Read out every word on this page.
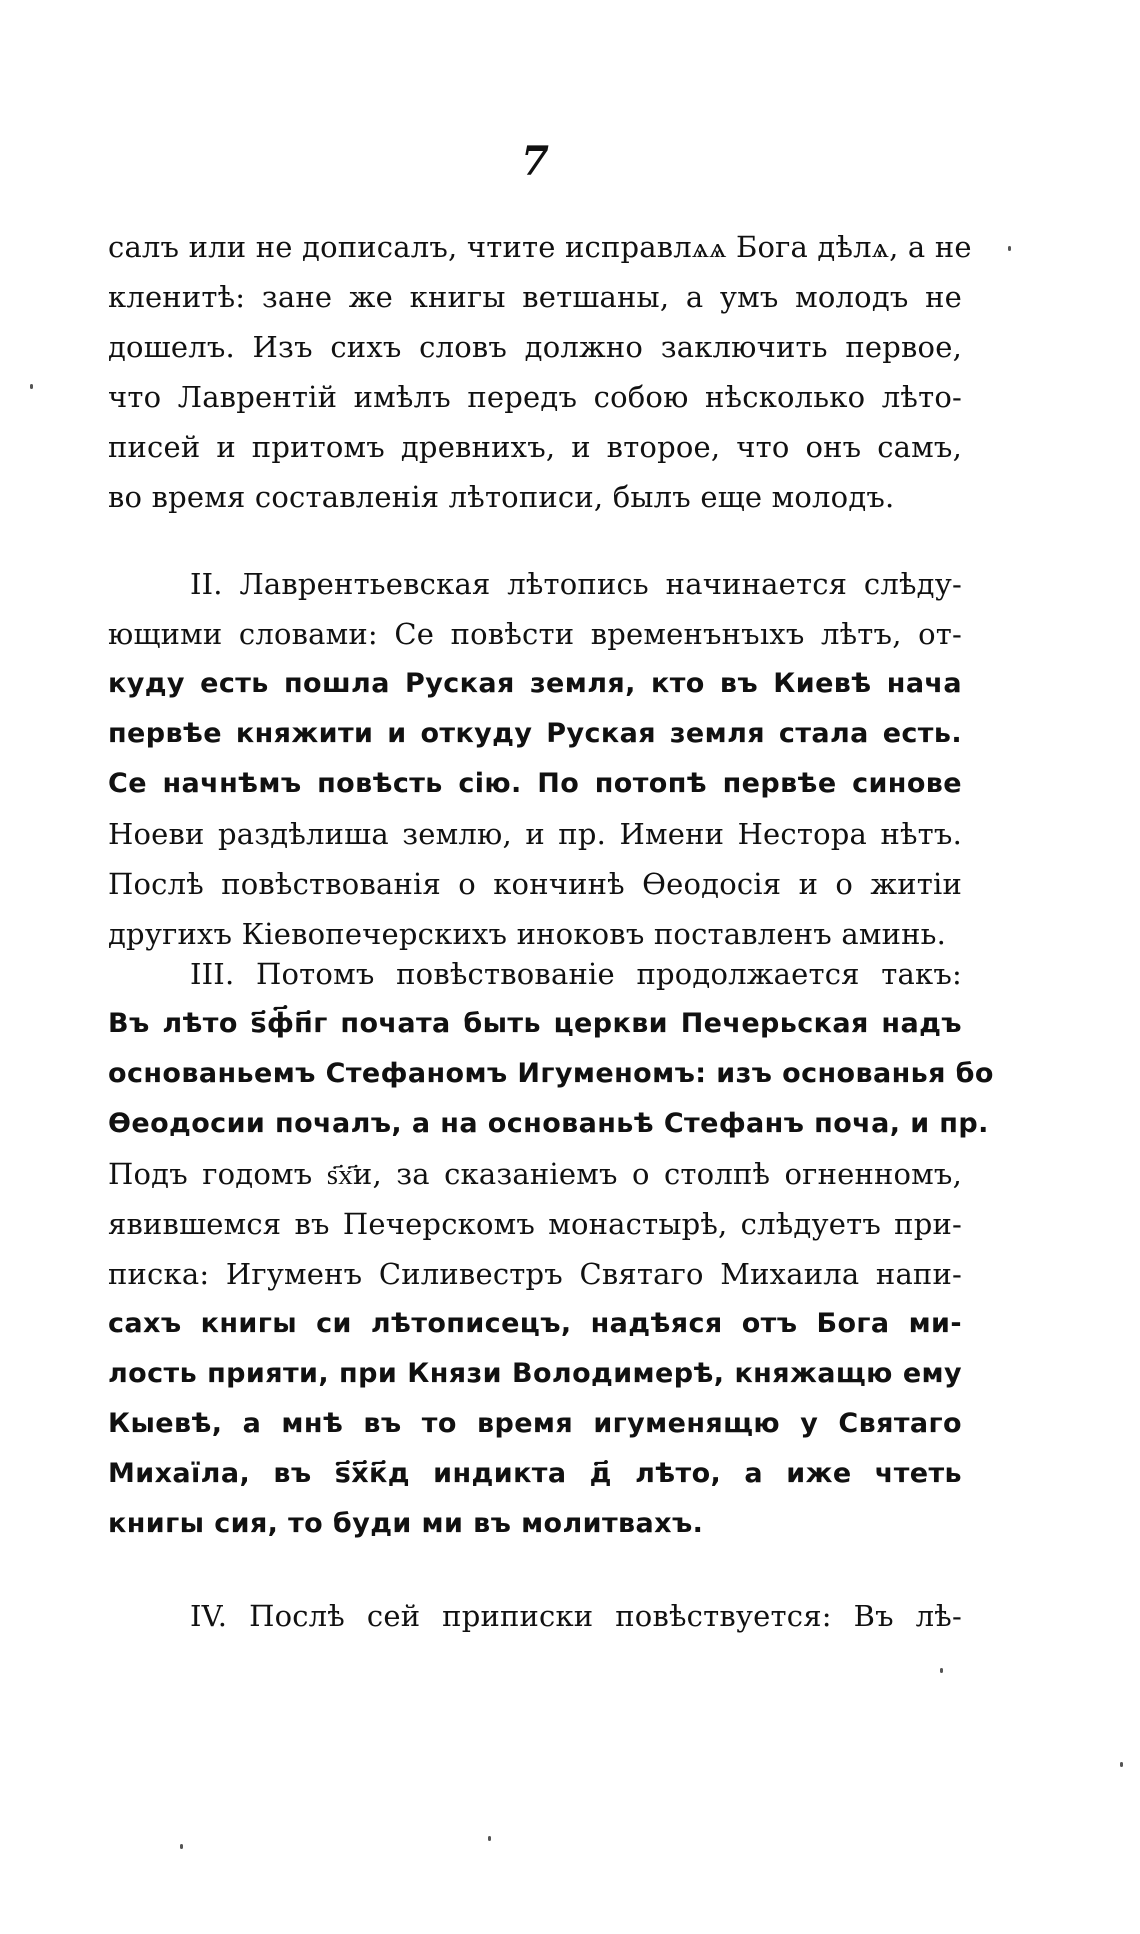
7
салъ или не дописалъ, чтите исправлѧѧ Бога дѣлѧ, а не
кленитѣ: зане же книгы ветшаны, а умъ молодъ не
дошелъ. Изъ сихъ словъ должно заключить первое,
что Лаврентій имѣлъ передъ собою нѣсколько лѣто-
писей и притомъ древнихъ, и второе, что онъ самъ,
во время составленія лѣтописи, былъ еще молодъ.
II. Лаврентьевская лѣтопись начинается слѣду-
ющими словами: Се повѣсти временънъıхъ лѣтъ, от-
куду есть пошла Руская земля, кто въ Киевѣ нача
первѣе княжити и откуду Руская земля стала есть.
Се начнѣмъ повѣсть сію. По потопѣ первѣе синове
Ноеви раздѣлиша землю, и пр. Имени Нестора нѣтъ.
Послѣ повѣствованія о кончинѣ Ѳеодосія и о житіи
другихъ Кіевопечерскихъ иноковъ поставленъ аминь.
III. Потомъ повѣствованіе продолжается такъ:
Въ лѣто ѕ҃ф҃п҃г почата быть церкви Печерьская надъ
основаньемъ Стефаномъ Игуменомъ: изъ основанья бо
Ѳеодосии почалъ, а на основаньѣ Стефанъ поча, и пр.
Подъ годомъ ѕ҃х҃и, за сказаніемъ о столпѣ огненномъ,
явившемся въ Печерскомъ монастырѣ, слѣдуетъ при-
писка: Игуменъ Силивестръ Святаго Михаила напи-
сахъ книгы си лѣтописецъ, надѣяся отъ Бога ми-
лость прияти, при Князи Володимерѣ, княжащю ему
Кыевѣ, а мнѣ въ то время игуменящю у Святаго
Михаїла, въ ѕ҃х҃к҃д индикта д҃ лѣто, а иже чтеть
книгы сия, то буди ми въ молитвахъ.
IV. Послѣ сей приписки повѣствуется: Въ лѣ-
